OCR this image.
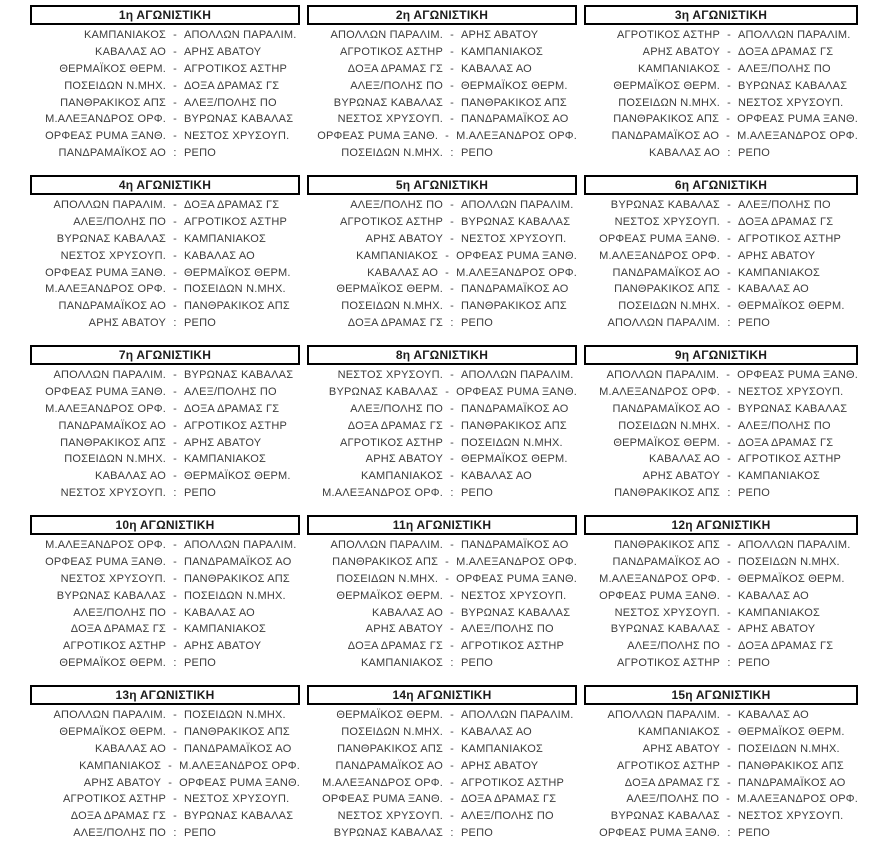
1η ΑΓΩΝΙΣΤΙΚΗ
ΚΑΜΠΑΝΙΑΚΟΣ - ΑΠΟΛΛΩΝ ΠΑΡΑΛΙΜ.
ΚΑΒΑΛΑΣ ΑΟ - ΑΡΗΣ ΑΒΑΤΟΥ
ΘΕΡΜΑΪΚΟΣ ΘΕΡΜ. - ΑΓΡΟΤΙΚΟΣ ΑΣΤΗΡ
ΠΟΣΕΙΔΩΝ Ν.ΜΗΧ. - ΔΟΞΑ ΔΡΑΜΑΣ ΓΣ
ΠΑΝΘΡΑΚΙΚΟΣ ΑΠΣ - ΑΛΕΞ/ΠΟΛΗΣ ΠΟ
Μ.ΑΛΕΞΑΝΔΡΟΣ ΟΡΦ. - ΒΥΡΩΝΑΣ ΚΑΒΑΛΑΣ
ΟΡΦΕΑΣ PUMA ΞΑΝΘ. - ΝΕΣΤΟΣ ΧΡΥΣΟΥΠ.
ΠΑΝΔΡΑΜΑΪΚΟΣ ΑΟ : ΡΕΠΟ
2η ΑΓΩΝΙΣΤΙΚΗ
ΑΠΟΛΛΩΝ ΠΑΡΑΛΙΜ. - ΑΡΗΣ ΑΒΑΤΟΥ
ΑΓΡΟΤΙΚΟΣ ΑΣΤΗΡ - ΚΑΜΠΑΝΙΑΚΟΣ
ΔΟΞΑ ΔΡΑΜΑΣ ΓΣ - ΚΑΒΑΛΑΣ ΑΟ
ΑΛΕΞ/ΠΟΛΗΣ ΠΟ - ΘΕΡΜΑΪΚΟΣ ΘΕΡΜ.
ΒΥΡΩΝΑΣ ΚΑΒΑΛΑΣ - ΠΑΝΘΡΑΚΙΚΟΣ ΑΠΣ
ΝΕΣΤΟΣ ΧΡΥΣΟΥΠ. - ΠΑΝΔΡΑΜΑΪΚΟΣ ΑΟ
ΟΡΦΕΑΣ PUMA ΞΑΝΘ. - Μ.ΑΛΕΞΑΝΔΡΟΣ ΟΡΦ.
ΠΟΣΕΙΔΩΝ Ν.ΜΗΧ. : ΡΕΠΟ
3η ΑΓΩΝΙΣΤΙΚΗ
ΑΓΡΟΤΙΚΟΣ ΑΣΤΗΡ - ΑΠΟΛΛΩΝ ΠΑΡΑΛΙΜ.
ΑΡΗΣ ΑΒΑΤΟΥ - ΔΟΞΑ ΔΡΑΜΑΣ ΓΣ
ΚΑΜΠΑΝΙΑΚΟΣ - ΑΛΕΞ/ΠΟΛΗΣ ΠΟ
ΘΕΡΜΑΪΚΟΣ ΘΕΡΜ. - ΒΥΡΩΝΑΣ ΚΑΒΑΛΑΣ
ΠΟΣΕΙΔΩΝ Ν.ΜΗΧ. - ΝΕΣΤΟΣ ΧΡΥΣΟΥΠ.
ΠΑΝΘΡΑΚΙΚΟΣ ΑΠΣ - ΟΡΦΕΑΣ PUMA ΞΑΝΘ.
ΠΑΝΔΡΑΜΑΪΚΟΣ ΑΟ - Μ.ΑΛΕΞΑΝΔΡΟΣ ΟΡΦ.
ΚΑΒΑΛΑΣ ΑΟ : ΡΕΠΟ
4η ΑΓΩΝΙΣΤΙΚΗ
ΑΠΟΛΛΩΝ ΠΑΡΑΛΙΜ. - ΔΟΞΑ ΔΡΑΜΑΣ ΓΣ
ΑΛΕΞ/ΠΟΛΗΣ ΠΟ - ΑΓΡΟΤΙΚΟΣ ΑΣΤΗΡ
ΒΥΡΩΝΑΣ ΚΑΒΑΛΑΣ - ΚΑΜΠΑΝΙΑΚΟΣ
ΝΕΣΤΟΣ ΧΡΥΣΟΥΠ. - ΚΑΒΑΛΑΣ ΑΟ
ΟΡΦΕΑΣ PUMA ΞΑΝΘ. - ΘΕΡΜΑΪΚΟΣ ΘΕΡΜ.
Μ.ΑΛΕΞΑΝΔΡΟΣ ΟΡΦ. - ΠΟΣΕΙΔΩΝ Ν.ΜΗΧ.
ΠΑΝΔΡΑΜΑΪΚΟΣ ΑΟ - ΠΑΝΘΡΑΚΙΚΟΣ ΑΠΣ
ΑΡΗΣ ΑΒΑΤΟΥ : ΡΕΠΟ
5η ΑΓΩΝΙΣΤΙΚΗ
ΑΛΕΞ/ΠΟΛΗΣ ΠΟ - ΑΠΟΛΛΩΝ ΠΑΡΑΛΙΜ.
ΑΓΡΟΤΙΚΟΣ ΑΣΤΗΡ - ΒΥΡΩΝΑΣ ΚΑΒΑΛΑΣ
ΑΡΗΣ ΑΒΑΤΟΥ - ΝΕΣΤΟΣ ΧΡΥΣΟΥΠ.
ΚΑΜΠΑΝΙΑΚΟΣ - ΟΡΦΕΑΣ PUMA ΞΑΝΘ.
ΚΑΒΑΛΑΣ ΑΟ - Μ.ΑΛΕΞΑΝΔΡΟΣ ΟΡΦ.
ΘΕΡΜΑΪΚΟΣ ΘΕΡΜ. - ΠΑΝΔΡΑΜΑΪΚΟΣ ΑΟ
ΠΟΣΕΙΔΩΝ Ν.ΜΗΧ. - ΠΑΝΘΡΑΚΙΚΟΣ ΑΠΣ
ΔΟΞΑ ΔΡΑΜΑΣ ΓΣ : ΡΕΠΟ
6η ΑΓΩΝΙΣΤΙΚΗ
ΒΥΡΩΝΑΣ ΚΑΒΑΛΑΣ - ΑΛΕΞ/ΠΟΛΗΣ ΠΟ
ΝΕΣΤΟΣ ΧΡΥΣΟΥΠ. - ΔΟΞΑ ΔΡΑΜΑΣ ΓΣ
ΟΡΦΕΑΣ PUMA ΞΑΝΘ. - ΑΓΡΟΤΙΚΟΣ ΑΣΤΗΡ
Μ.ΑΛΕΞΑΝΔΡΟΣ ΟΡΦ. - ΑΡΗΣ ΑΒΑΤΟΥ
ΠΑΝΔΡΑΜΑΪΚΟΣ ΑΟ - ΚΑΜΠΑΝΙΑΚΟΣ
ΠΑΝΘΡΑΚΙΚΟΣ ΑΠΣ - ΚΑΒΑΛΑΣ ΑΟ
ΠΟΣΕΙΔΩΝ Ν.ΜΗΧ. - ΘΕΡΜΑΪΚΟΣ ΘΕΡΜ.
ΑΠΟΛΛΩΝ ΠΑΡΑΛΙΜ. : ΡΕΠΟ
7η ΑΓΩΝΙΣΤΙΚΗ
ΑΠΟΛΛΩΝ ΠΑΡΑΛΙΜ. - ΒΥΡΩΝΑΣ ΚΑΒΑΛΑΣ
ΟΡΦΕΑΣ PUMA ΞΑΝΘ. - ΑΛΕΞ/ΠΟΛΗΣ ΠΟ
Μ.ΑΛΕΞΑΝΔΡΟΣ ΟΡΦ. - ΔΟΞΑ ΔΡΑΜΑΣ ΓΣ
ΠΑΝΔΡΑΜΑΪΚΟΣ ΑΟ - ΑΓΡΟΤΙΚΟΣ ΑΣΤΗΡ
ΠΑΝΘΡΑΚΙΚΟΣ ΑΠΣ - ΑΡΗΣ ΑΒΑΤΟΥ
ΠΟΣΕΙΔΩΝ Ν.ΜΗΧ. - ΚΑΜΠΑΝΙΑΚΟΣ
ΚΑΒΑΛΑΣ ΑΟ - ΘΕΡΜΑΪΚΟΣ ΘΕΡΜ.
ΝΕΣΤΟΣ ΧΡΥΣΟΥΠ. : ΡΕΠΟ
8η ΑΓΩΝΙΣΤΙΚΗ
ΝΕΣΤΟΣ ΧΡΥΣΟΥΠ. - ΑΠΟΛΛΩΝ ΠΑΡΑΛΙΜ.
ΒΥΡΩΝΑΣ ΚΑΒΑΛΑΣ - ΟΡΦΕΑΣ PUMA ΞΑΝΘ.
ΑΛΕΞ/ΠΟΛΗΣ ΠΟ - ΠΑΝΔΡΑΜΑΪΚΟΣ ΑΟ
ΔΟΞΑ ΔΡΑΜΑΣ ΓΣ - ΠΑΝΘΡΑΚΙΚΟΣ ΑΠΣ
ΑΓΡΟΤΙΚΟΣ ΑΣΤΗΡ - ΠΟΣΕΙΔΩΝ Ν.ΜΗΧ.
ΑΡΗΣ ΑΒΑΤΟΥ - ΘΕΡΜΑΪΚΟΣ ΘΕΡΜ.
ΚΑΜΠΑΝΙΑΚΟΣ - ΚΑΒΑΛΑΣ ΑΟ
Μ.ΑΛΕΞΑΝΔΡΟΣ ΟΡΦ. : ΡΕΠΟ
9η ΑΓΩΝΙΣΤΙΚΗ
ΑΠΟΛΛΩΝ ΠΑΡΑΛΙΜ. - ΟΡΦΕΑΣ PUMA ΞΑΝΘ.
Μ.ΑΛΕΞΑΝΔΡΟΣ ΟΡΦ. - ΝΕΣΤΟΣ ΧΡΥΣΟΥΠ.
ΠΑΝΔΡΑΜΑΪΚΟΣ ΑΟ - ΒΥΡΩΝΑΣ ΚΑΒΑΛΑΣ
ΠΟΣΕΙΔΩΝ Ν.ΜΗΧ. - ΑΛΕΞ/ΠΟΛΗΣ ΠΟ
ΘΕΡΜΑΪΚΟΣ ΘΕΡΜ. - ΔΟΞΑ ΔΡΑΜΑΣ ΓΣ
ΚΑΒΑΛΑΣ ΑΟ - ΑΓΡΟΤΙΚΟΣ ΑΣΤΗΡ
ΑΡΗΣ ΑΒΑΤΟΥ - ΚΑΜΠΑΝΙΑΚΟΣ
ΠΑΝΘΡΑΚΙΚΟΣ ΑΠΣ : ΡΕΠΟ
10η ΑΓΩΝΙΣΤΙΚΗ
Μ.ΑΛΕΞΑΝΔΡΟΣ ΟΡΦ. - ΑΠΟΛΛΩΝ ΠΑΡΑΛΙΜ.
ΟΡΦΕΑΣ PUMA ΞΑΝΘ. - ΠΑΝΔΡΑΜΑΪΚΟΣ ΑΟ
ΝΕΣΤΟΣ ΧΡΥΣΟΥΠ. - ΠΑΝΘΡΑΚΙΚΟΣ ΑΠΣ
ΒΥΡΩΝΑΣ ΚΑΒΑΛΑΣ - ΠΟΣΕΙΔΩΝ Ν.ΜΗΧ.
ΑΛΕΞ/ΠΟΛΗΣ ΠΟ - ΚΑΒΑΛΑΣ ΑΟ
ΔΟΞΑ ΔΡΑΜΑΣ ΓΣ - ΚΑΜΠΑΝΙΑΚΟΣ
ΑΓΡΟΤΙΚΟΣ ΑΣΤΗΡ - ΑΡΗΣ ΑΒΑΤΟΥ
ΘΕΡΜΑΪΚΟΣ ΘΕΡΜ. : ΡΕΠΟ
11η ΑΓΩΝΙΣΤΙΚΗ
ΑΠΟΛΛΩΝ ΠΑΡΑΛΙΜ. - ΠΑΝΔΡΑΜΑΪΚΟΣ ΑΟ
ΠΑΝΘΡΑΚΙΚΟΣ ΑΠΣ - Μ.ΑΛΕΞΑΝΔΡΟΣ ΟΡΦ.
ΠΟΣΕΙΔΩΝ Ν.ΜΗΧ. - ΟΡΦΕΑΣ PUMA ΞΑΝΘ.
ΘΕΡΜΑΪΚΟΣ ΘΕΡΜ. - ΝΕΣΤΟΣ ΧΡΥΣΟΥΠ.
ΚΑΒΑΛΑΣ ΑΟ - ΒΥΡΩΝΑΣ ΚΑΒΑΛΑΣ
ΑΡΗΣ ΑΒΑΤΟΥ - ΑΛΕΞ/ΠΟΛΗΣ ΠΟ
ΔΟΞΑ ΔΡΑΜΑΣ ΓΣ - ΑΓΡΟΤΙΚΟΣ ΑΣΤΗΡ
ΚΑΜΠΑΝΙΑΚΟΣ : ΡΕΠΟ
12η ΑΓΩΝΙΣΤΙΚΗ
ΠΑΝΘΡΑΚΙΚΟΣ ΑΠΣ - ΑΠΟΛΛΩΝ ΠΑΡΑΛΙΜ.
ΠΑΝΔΡΑΜΑΪΚΟΣ ΑΟ - ΠΟΣΕΙΔΩΝ Ν.ΜΗΧ.
Μ.ΑΛΕΞΑΝΔΡΟΣ ΟΡΦ. - ΘΕΡΜΑΪΚΟΣ ΘΕΡΜ.
ΟΡΦΕΑΣ PUMA ΞΑΝΘ. - ΚΑΒΑΛΑΣ ΑΟ
ΝΕΣΤΟΣ ΧΡΥΣΟΥΠ. - ΚΑΜΠΑΝΙΑΚΟΣ
ΒΥΡΩΝΑΣ ΚΑΒΑΛΑΣ - ΑΡΗΣ ΑΒΑΤΟΥ
ΑΛΕΞ/ΠΟΛΗΣ ΠΟ - ΔΟΞΑ ΔΡΑΜΑΣ ΓΣ
ΑΓΡΟΤΙΚΟΣ ΑΣΤΗΡ : ΡΕΠΟ
13η ΑΓΩΝΙΣΤΙΚΗ
ΑΠΟΛΛΩΝ ΠΑΡΑΛΙΜ. - ΠΟΣΕΙΔΩΝ Ν.ΜΗΧ.
ΘΕΡΜΑΪΚΟΣ ΘΕΡΜ. - ΠΑΝΘΡΑΚΙΚΟΣ ΑΠΣ
ΚΑΒΑΛΑΣ ΑΟ - ΠΑΝΔΡΑΜΑΪΚΟΣ ΑΟ
ΚΑΜΠΑΝΙΑΚΟΣ - Μ.ΑΛΕΞΑΝΔΡΟΣ ΟΡΦ.
ΑΡΗΣ ΑΒΑΤΟΥ - ΟΡΦΕΑΣ PUMA ΞΑΝΘ.
ΑΓΡΟΤΙΚΟΣ ΑΣΤΗΡ - ΝΕΣΤΟΣ ΧΡΥΣΟΥΠ.
ΔΟΞΑ ΔΡΑΜΑΣ ΓΣ - ΒΥΡΩΝΑΣ ΚΑΒΑΛΑΣ
ΑΛΕΞ/ΠΟΛΗΣ ΠΟ : ΡΕΠΟ
14η ΑΓΩΝΙΣΤΙΚΗ
ΘΕΡΜΑΪΚΟΣ ΘΕΡΜ. - ΑΠΟΛΛΩΝ ΠΑΡΑΛΙΜ.
ΠΟΣΕΙΔΩΝ Ν.ΜΗΧ. - ΚΑΒΑΛΑΣ ΑΟ
ΠΑΝΘΡΑΚΙΚΟΣ ΑΠΣ - ΚΑΜΠΑΝΙΑΚΟΣ
ΠΑΝΔΡΑΜΑΪΚΟΣ ΑΟ - ΑΡΗΣ ΑΒΑΤΟΥ
Μ.ΑΛΕΞΑΝΔΡΟΣ ΟΡΦ. - ΑΓΡΟΤΙΚΟΣ ΑΣΤΗΡ
ΟΡΦΕΑΣ PUMA ΞΑΝΘ. - ΔΟΞΑ ΔΡΑΜΑΣ ΓΣ
ΝΕΣΤΟΣ ΧΡΥΣΟΥΠ. - ΑΛΕΞ/ΠΟΛΗΣ ΠΟ
ΒΥΡΩΝΑΣ ΚΑΒΑΛΑΣ : ΡΕΠΟ
15η ΑΓΩΝΙΣΤΙΚΗ
ΑΠΟΛΛΩΝ ΠΑΡΑΛΙΜ. - ΚΑΒΑΛΑΣ ΑΟ
ΚΑΜΠΑΝΙΑΚΟΣ - ΘΕΡΜΑΪΚΟΣ ΘΕΡΜ.
ΑΡΗΣ ΑΒΑΤΟΥ - ΠΟΣΕΙΔΩΝ Ν.ΜΗΧ.
ΑΓΡΟΤΙΚΟΣ ΑΣΤΗΡ - ΠΑΝΘΡΑΚΙΚΟΣ ΑΠΣ
ΔΟΞΑ ΔΡΑΜΑΣ ΓΣ - ΠΑΝΔΡΑΜΑΪΚΟΣ ΑΟ
ΑΛΕΞ/ΠΟΛΗΣ ΠΟ - Μ.ΑΛΕΞΑΝΔΡΟΣ ΟΡΦ.
ΒΥΡΩΝΑΣ ΚΑΒΑΛΑΣ - ΝΕΣΤΟΣ ΧΡΥΣΟΥΠ.
ΟΡΦΕΑΣ PUMA ΞΑΝΘ. : ΡΕΠΟ
